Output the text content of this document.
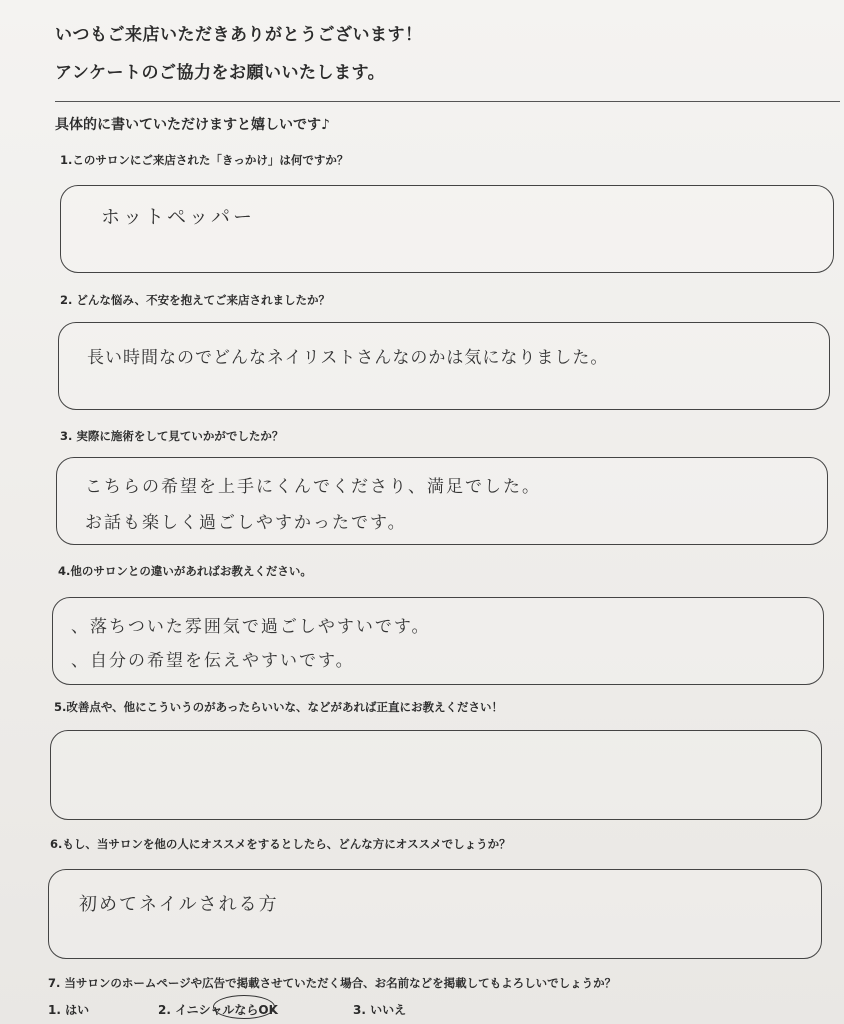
いつもご来店いただきありがとうございます！
アンケートのご協力をお願いいたします。
具体的に書いていただけますと嬉しいです♪
1.このサロンにご来店された「きっかけ」は何ですか？
ホットペッパー
2. どんな悩み、不安を抱えてご来店されましたか？
長い時間なのでどんなネイリストさんなのかは気になりました。
3. 実際に施術をして見ていかがでしたか？
こちらの希望を上手にくんでくださり、満足でした。
お話も楽しく過ごしやすかったです。
4.他のサロンとの違いがあればお教えください。
、落ちついた雰囲気で過ごしやすいです。
、自分の希望を伝えやすいです。
5.改善点や、他にこういうのがあったらいいな、などがあれば正直にお教えください！
6.もし、当サロンを他の人にオススメをするとしたら、どんな方にオススメでしょうか？
初めてネイルされる方
7. 当サロンのホームページや広告で掲載させていただく場合、お名前などを掲載してもよろしいでしょうか？
1. はい	2. イニシャルならOK	3. いいえ
